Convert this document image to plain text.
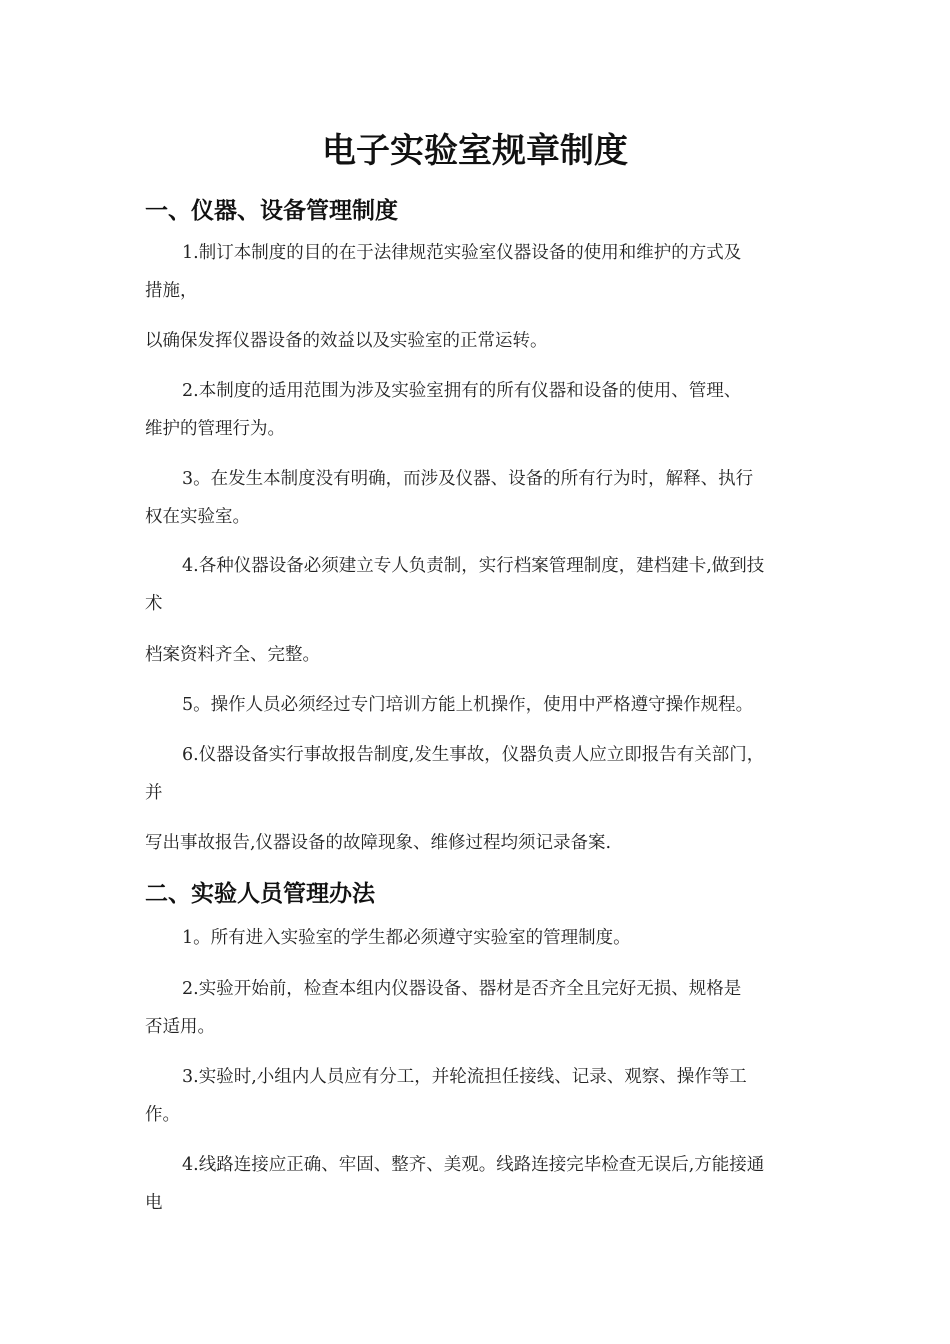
电子实验室规章制度
一、仪器、设备管理制度
1.制订本制度的目的在于法律规范实验室仪器设备的使用和维护的方式及
措施，
以确保发挥仪器设备的效益以及实验室的正常运转。
2.本制度的适用范围为涉及实验室拥有的所有仪器和设备的使用、管理、
维护的管理行为。
3。在发生本制度没有明确，而涉及仪器、设备的所有行为时，解释、执行
权在实验室。
4.各种仪器设备必须建立专人负责制，实行档案管理制度，建档建卡,做到技
术
档案资料齐全、完整。
5。操作人员必须经过专门培训方能上机操作，使用中严格遵守操作规程。
6.仪器设备实行事故报告制度,发生事故，仪器负责人应立即报告有关部门，
并
写出事故报告,仪器设备的故障现象、维修过程均须记录备案.
二、实验人员管理办法
1。所有进入实验室的学生都必须遵守实验室的管理制度。
2.实验开始前，检查本组内仪器设备、器材是否齐全且完好无损、规格是
否适用。
3.实验时,小组内人员应有分工，并轮流担任接线、记录、观察、操作等工
作。
4.线路连接应正确、牢固、整齐、美观。线路连接完毕检查无误后,方能接通
电
